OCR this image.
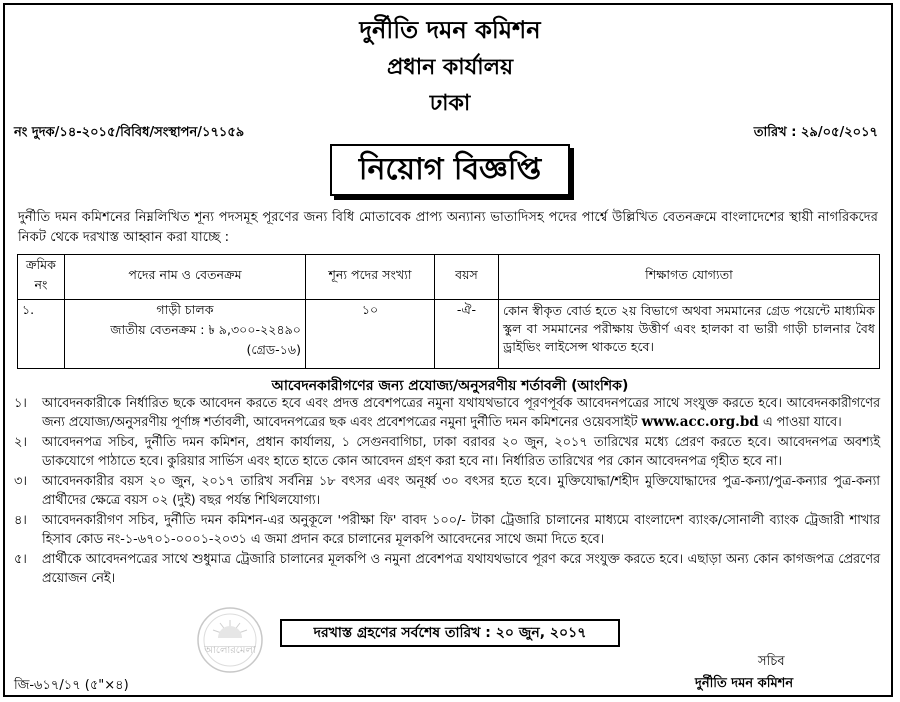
দুর্নীতি দমন কমিশন
প্রধান কার্যালয়
ঢাকা
নং দুদক/১৪-২০১৫/বিবিধ/সংস্থাপন/১৭১৫৯	তারিখ : ২৯/০৫/২০১৭
নিয়োগ বিজ্ঞপ্তি
দুর্নীতি দমন কমিশনের নিম্নলিখিত শূন্য পদসমূহ পূরণের জন্য বিধি মোতাবেক প্রাপ্য অন্যান্য ভাতাদিসহ পদের পার্শ্বে উল্লিখিত বেতনক্রমে বাংলাদেশের স্থায়ী নাগরিকদের নিকট থেকে দরখাস্ত আহ্বান করা যাচ্ছে :
ক্রমিক নং	পদের নাম ও বেতনক্রম	শূন্য পদের সংখ্যা	বয়স	শিক্ষাগত যোগ্যতা
১.	গাড়ী চালক
জাতীয় বেতনক্রম : ৳ ৯,৩০০-২২৪৯০
(গ্রেড-১৬)	১০	-ঐ-	কোন স্বীকৃত বোর্ড হতে ২য় বিভাগে অথবা সমমানের গ্রেড পয়েন্টে মাধ্যমিক স্কুল বা সমমানের পরীক্ষায় উত্তীর্ণ এবং হালকা বা ভারী গাড়ী চালনার বৈধ ড্রাইভিং লাইসেন্স থাকতে হবে।
আবেদনকারীগণের জন্য প্রযোজ্য/অনুসরণীয় শর্তাবলী (আংশিক)
১।	আবেদনকারীকে নির্ধারিত ছকে আবেদন করতে হবে এবং প্রদত্ত প্রবেশপত্রের নমুনা যথাযথভাবে পূরণপূর্বক আবেদনপত্রের সাথে সংযুক্ত করতে হবে। আবেদনকারীগণের জন্য প্রযোজ্য/অনুসরণীয় পূর্ণাঙ্গ শর্তাবলী, আবেদনপত্রের ছক এবং প্রবেশপত্রের নমুনা দুর্নীতি দমন কমিশনের ওয়েবসাইট www.acc.org.bd এ পাওয়া যাবে।
২।	আবেদনপত্র সচিব, দুর্নীতি দমন কমিশন, প্রধান কার্যালয়, ১ সেগুনবাগিচা, ঢাকা বরাবর ২০ জুন, ২০১৭ তারিখের মধ্যে প্রেরণ করতে হবে। আবেদনপত্র অবশ্যই ডাকযোগে পাঠাতে হবে। কুরিয়ার সার্ভিস এবং হাতে হাতে কোন আবেদন গ্রহণ করা হবে না। নির্ধারিত তারিখের পর কোন আবেদনপত্র গৃহীত হবে না।
৩।	আবেদনকারীর বয়স ২০ জুন, ২০১৭ তারিখ সর্বনিম্ন ১৮ বৎসর এবং অনূর্ধ্ব ৩০ বৎসর হতে হবে। মুক্তিযোদ্ধা/শহীদ মুক্তিযোদ্ধাদের পুত্র-কন্যা/পুত্র-কন্যার পুত্র-কন্যা প্রার্থীদের ক্ষেত্রে বয়স ০২ (দুই) বছর পর্যন্ত শিথিলযোগ্য।
৪।	আবেদনকারীগণ সচিব, দুর্নীতি দমন কমিশন-এর অনুকূলে 'পরীক্ষা ফি' বাবদ ১০০/- টাকা ট্রেজারি চালানের মাধ্যমে বাংলাদেশ ব্যাংক/সোনালী ব্যাংক ট্রেজারী শাখার হিসাব কোড নং-১-৬৭০১-০০০১-২০৩১ এ জমা প্রদান করে চালানের মূলকপি আবেদনের সাথে জমা দিতে হবে।
৫।	প্রার্থীকে আবেদনপত্রের সাথে শুধুমাত্র ট্রেজারি চালানের মূলকপি ও নমুনা প্রবেশপত্র যথাযথভাবে পূরণ করে সংযুক্ত করতে হবে। এছাড়া অন্য কোন কাগজপত্র প্রেরণের প্রয়োজন নেই।
আলোরমেলা
দরখাস্ত গ্রহণের সর্বশেষ তারিখ : ২০ জুন, ২০১৭
জি-৬১৭/১৭ (৫"×৪)
সচিব
দুর্নীতি দমন কমিশন
